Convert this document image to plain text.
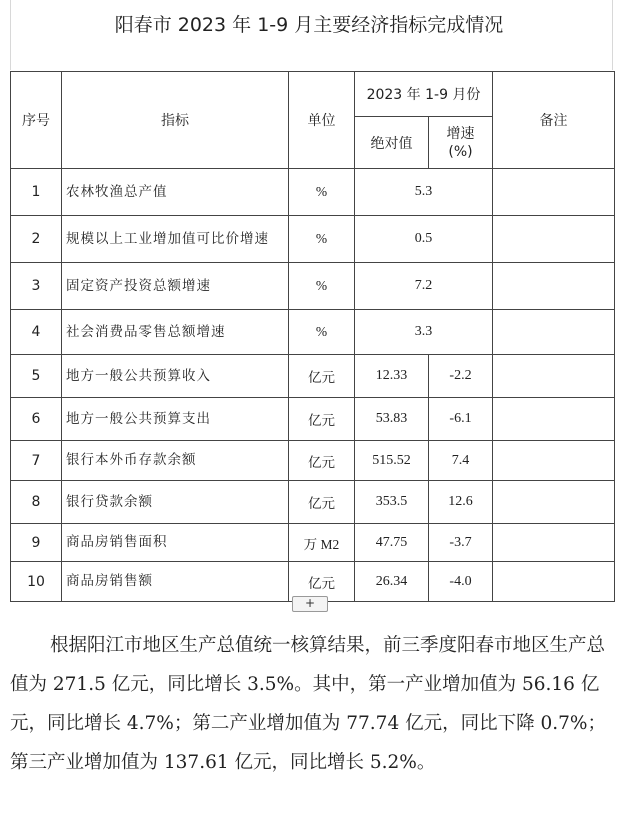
阳春市 2023 年 1-9 月主要经济指标完成情况
序号	指标	单位	2023 年 1-9 月份		备注
			绝对值	增速
(%)	

1	农林牧渔总产值	%	5.3		
2	规模以上工业增加值可比价增速	%	0.5		
3	固定资产投资总额增速	%	7.2		
4	社会消费品零售总额增速	%	3.3		
5	地方一般公共预算收入	亿元	12.33	-2.2	
6	地方一般公共预算支出	亿元	53.83	-6.1	
7	银行本外币存款余额	亿元	515.52	7.4	
8	银行贷款余额	亿元	353.5	12.6	
9	商品房销售面积	万 M2	47.75	-3.7	
10	商品房销售额	亿元	26.34	-4.0	
+

根据阳江市地区生产总值统一核算结果，前三季度阳春市地区生产总值为 271.5 亿元，同比增长 3.5%。其中，第一产业增加值为 56.16 亿元，同比增长 4.7%；第二产业增加值为 77.74 亿元，同比下降 0.7%；第三产业增加值为 137.61 亿元，同比增长 5.2%。
